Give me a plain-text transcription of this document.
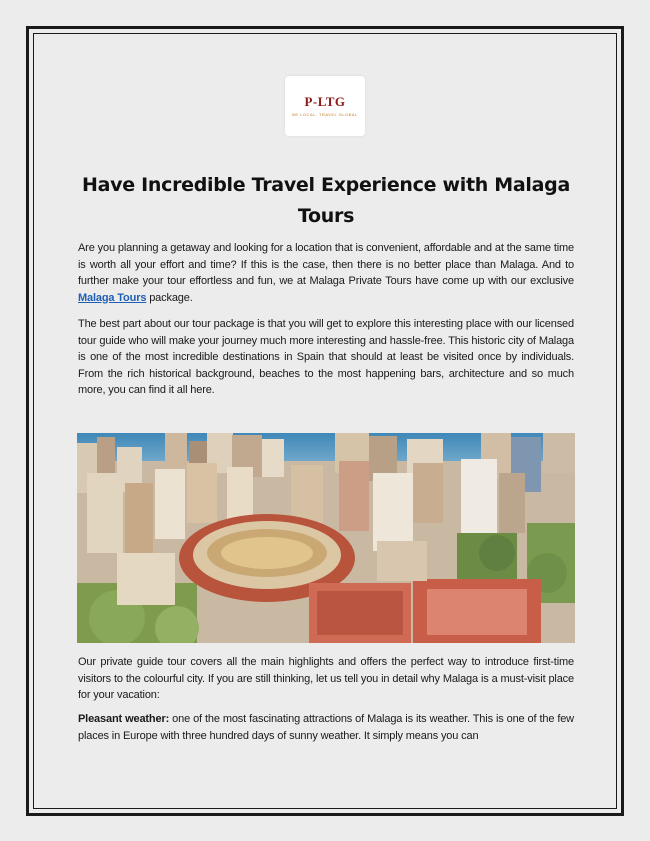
P-LTG
BE LOCAL, TRAVEL GLOBAL
Have Incredible Travel Experience with Malaga Tours

Are you planning a getaway and looking for a location that is convenient, affordable and at the same time is worth all your effort and time? If this is the case, then there is no better place than Malaga. And to further make your tour effortless and fun, we at Malaga Private Tours have come up with our exclusive Malaga Tours package.

The best part about our tour package is that you will get to explore this interesting place with our licensed tour guide who will make your journey much more interesting and hassle-free. This historic city of Malaga is one of the most incredible destinations in Spain that should at least be visited once by individuals. From the rich historical background, beaches to the most happening bars, architecture and so much more, you can find it all here.

Our private guide tour covers all the main highlights and offers the perfect way to introduce first-time visitors to the colourful city. If you are still thinking, let us tell you in detail why Malaga is a must-visit place for your vacation:

Pleasant weather: one of the most fascinating attractions of Malaga is its weather. This is one of the few places in Europe with three hundred days of sunny weather. It simply means you can
